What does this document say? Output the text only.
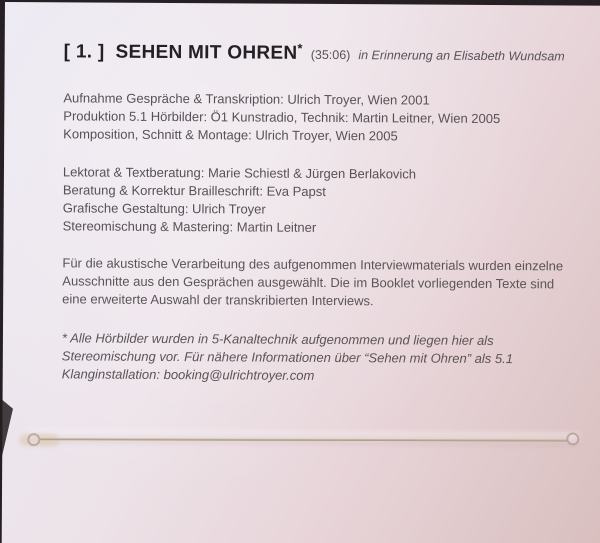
[ 1. ] SEHEN MIT OHREN* (35:06) in Erinnerung an Elisabeth Wundsam
Aufnahme Gespräche & Transkription: Ulrich Troyer, Wien 2001
Produktion 5.1 Hörbilder: Ö1 Kunstradio, Technik: Martin Leitner, Wien 2005
Komposition, Schnitt & Montage: Ulrich Troyer, Wien 2005
Lektorat & Textberatung: Marie Schiestl & Jürgen Berlakovich
Beratung & Korrektur Brailleschrift: Eva Papst
Grafische Gestaltung: Ulrich Troyer
Stereomischung & Mastering: Martin Leitner
Für die akustische Verarbeitung des aufgenommen Interviewmaterials wurden einzelne
Ausschnitte aus den Gesprächen ausgewählt. Die im Booklet vorliegenden Texte sind
eine erweiterte Auswahl der transkribierten Interviews.
* Alle Hörbilder wurden in 5-Kanaltechnik aufgenommen und liegen hier als
Stereomischung vor. Für nähere Informationen über “Sehen mit Ohren” als 5.1
Klanginstallation: booking@ulrichtroyer.com
